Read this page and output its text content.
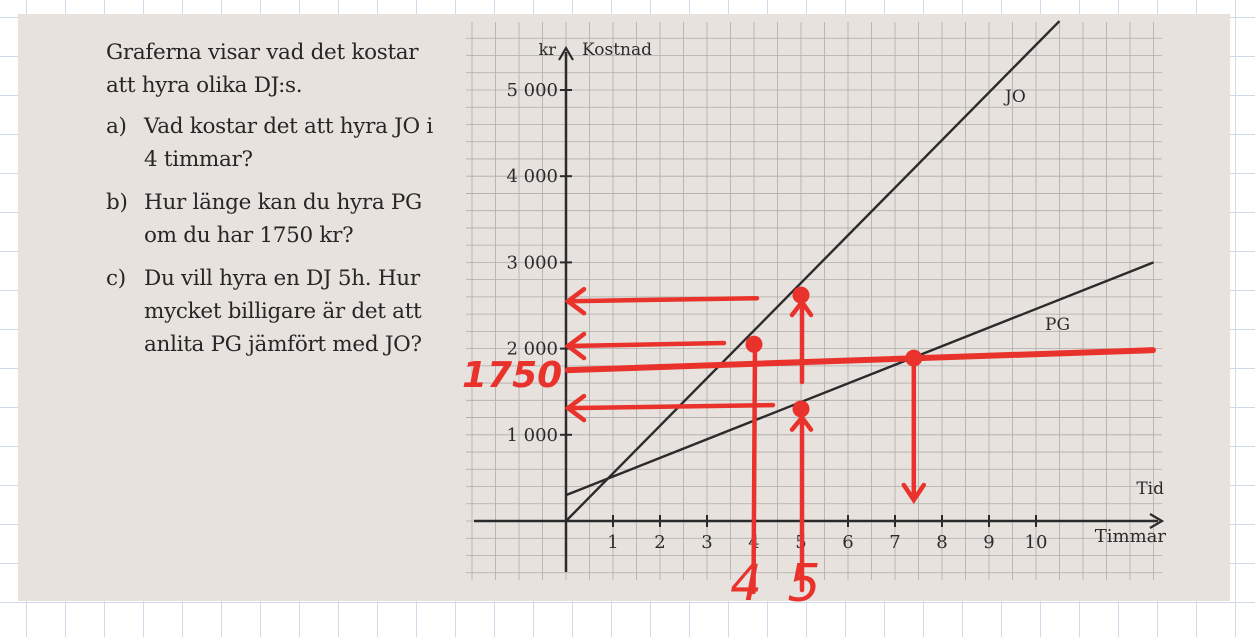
Graferna visar vad det kostar att hyra olika DJ:s.

a) Vad kostar det att hyra JO i 4 timmar?

b) Hur länge kan du hyra PG om du har 1750 kr?

c) Du vill hyra en DJ 5h. Hur mycket billigare är det att anlita PG jämfört med JO?

1 2 3 4 5 6 7 8 9 10
1 000
2 000
3 000
4 000
5 000
kr Kostnad
Tid
Timmar
JO
PG
1750
4 5
